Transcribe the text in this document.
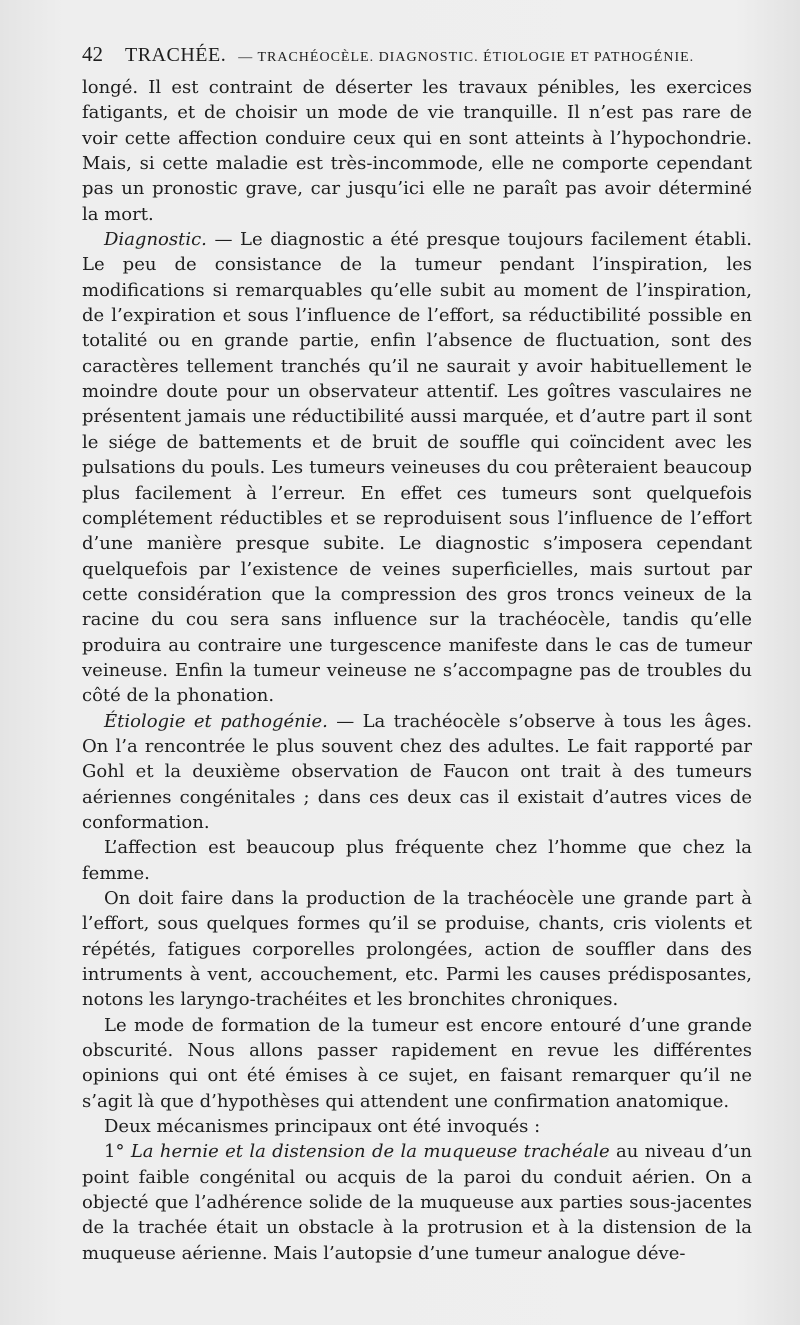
42 TRACHÉE. — TRACHÉOCÈLE. DIAGNOSTIC. ÉTIOLOGIE ET PATHOGÉNIE.

longé. Il est contraint de déserter les travaux pénibles, les exercices fatigants, et de choisir un mode de vie tranquille. Il n’est pas rare de voir cette affection conduire ceux qui en sont atteints à l’hypochondrie. Mais, si cette maladie est très-incommode, elle ne comporte cependant pas un pronostic grave, car jusqu’ici elle ne paraît pas avoir déterminé la mort.

Diagnostic. — Le diagnostic a été presque toujours facilement établi. Le peu de consistance de la tumeur pendant l’inspiration, les modifications si remarquables qu’elle subit au moment de l’inspiration, de l’expiration et sous l’influence de l’effort, sa réductibilité possible en totalité ou en grande partie, enfin l’absence de fluctuation, sont des caractères tellement tranchés qu’il ne saurait y avoir habituellement le moindre doute pour un observateur attentif. Les goîtres vasculaires ne présentent jamais une réductibilité aussi marquée, et d’autre part il sont le siége de battements et de bruit de souffle qui coïncident avec les pulsations du pouls. Les tumeurs veineuses du cou prêteraient beaucoup plus facilement à l’erreur. En effet ces tumeurs sont quelquefois complétement réductibles et se reproduisent sous l’influence de l’effort d’une manière presque subite. Le diagnostic s’imposera cependant quelquefois par l’existence de veines superficielles, mais surtout par cette considération que la compression des gros troncs veineux de la racine du cou sera sans influence sur la trachéocèle, tandis qu’elle produira au contraire une turgescence manifeste dans le cas de tumeur veineuse. Enfin la tumeur veineuse ne s’accompagne pas de troubles du côté de la phonation.

Étiologie et pathogénie. — La trachéocèle s’observe à tous les âges. On l’a rencontrée le plus souvent chez des adultes. Le fait rapporté par Gohl et la deuxième observation de Faucon ont trait à des tumeurs aériennes congénitales ; dans ces deux cas il existait d’autres vices de conformation.

L’affection est beaucoup plus fréquente chez l’homme que chez la femme.

On doit faire dans la production de la trachéocèle une grande part à l’effort, sous quelques formes qu’il se produise, chants, cris violents et répétés, fatigues corporelles prolongées, action de souffler dans des intruments à vent, accouchement, etc. Parmi les causes prédisposantes, notons les laryngo-trachéites et les bronchites chroniques.

Le mode de formation de la tumeur est encore entouré d’une grande obscurité. Nous allons passer rapidement en revue les différentes opinions qui ont été émises à ce sujet, en faisant remarquer qu’il ne s’agit là que d’hypothèses qui attendent une confirmation anatomique.

Deux mécanismes principaux ont été invoqués :

1° La hernie et la distension de la muqueuse trachéale au niveau d’un point faible congénital ou acquis de la paroi du conduit aérien. On a objecté que l’adhérence solide de la muqueuse aux parties sous-jacentes de la trachée était un obstacle à la protrusion et à la distension de la muqueuse aérienne. Mais l’autopsie d’une tumeur analogue déve-
